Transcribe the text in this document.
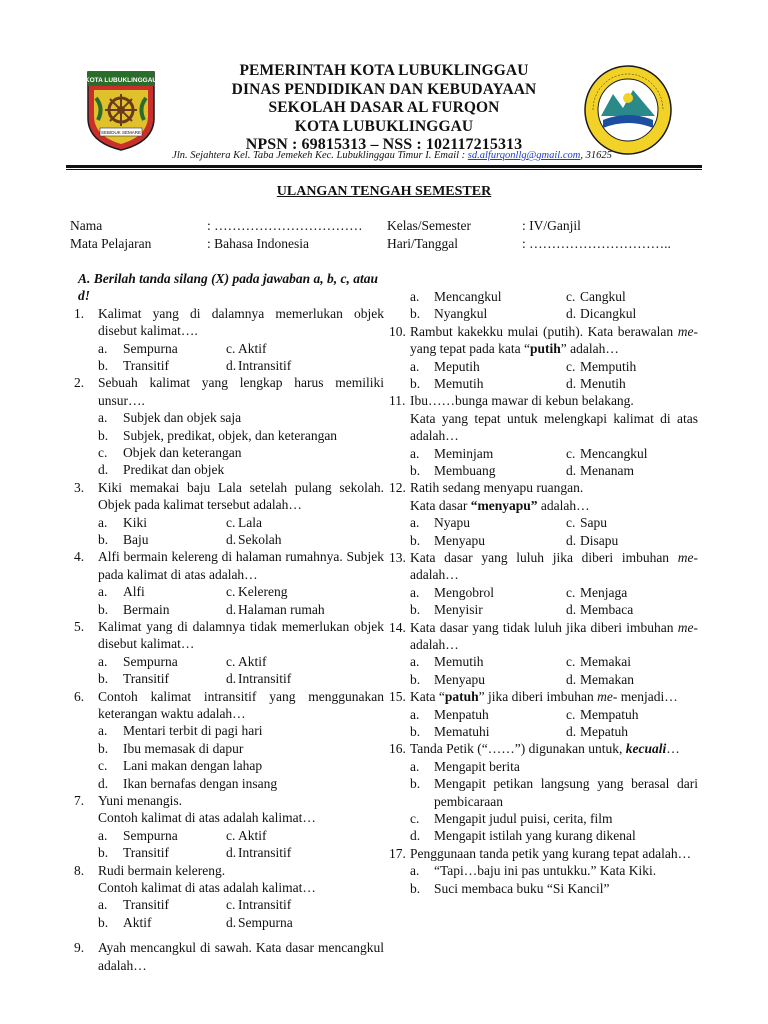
KOTA LUBUKLINGGAU
SEBIDUK SEMARE
PEMERINTAH KOTA LUBUKLINGGAU
DINAS PENDIDIKAN DAN KEBUDAYAAN
SEKOLAH DASAR AL FURQON
KOTA LUBUKLINGGAU
NPSN : 69815313 – NSS : 102117215313
Jln. Sejahtera Kel. Taba Jemekeh Kec. Lubuklinggau Timur I. Email : sd.alfurqonllg@gmail.com, 31625
ULANGAN TENGAH SEMESTER
Nama	: …………………………… Kelas/Semester	: IV/Ganjil
Mata Pelajaran	: Bahasa Indonesia	Hari/Tanggal	: …………………………..
A. Berilah tanda silang (X) pada jawaban a, b, c, atau d!
1. Kalimat yang di dalamnya memerlukan objek disebut kalimat….
a. Sempurna	c. Aktif
b. Transitif	d. Intransitif
2. Sebuah kalimat yang lengkap harus memiliki unsur….
a. Subjek dan objek saja
b. Subjek, predikat, objek, dan keterangan
c. Objek dan keterangan
d. Predikat dan objek
3. Kiki memakai baju Lala setelah pulang sekolah. Objek pada kalimat tersebut adalah…
a. Kiki	c. Lala
b. Baju	d. Sekolah
4. Alfi bermain kelereng di halaman rumahnya. Subjek pada kalimat di atas adalah…
a. Alfi	c. Kelereng
b. Bermain	d. Halaman rumah
5. Kalimat yang di dalamnya tidak memerlukan objek disebut kalimat…
a. Sempurna	c. Aktif
b. Transitif	d. Intransitif
6. Contoh kalimat intransitif yang menggunakan keterangan waktu adalah…
a. Mentari terbit di pagi hari
b. Ibu memasak di dapur
c. Lani makan dengan lahap
d. Ikan bernafas dengan insang
7. Yuni menangis.
Contoh kalimat di atas adalah kalimat…
a. Sempurna	c. Aktif
b. Transitif	d. Intransitif
8. Rudi bermain kelereng.
Contoh kalimat di atas adalah kalimat…
a. Transitif	c. Intransitif
b. Aktif	d. Sempurna
9. Ayah mencangkul di sawah. Kata dasar mencangkul adalah…
a. Mencangkul	c. Cangkul
b. Nyangkul	d. Dicangkul
10. Rambut kakekku mulai (putih). Kata berawalan me- yang tepat pada kata “putih” adalah…
a. Meputih	c. Memputih
b. Memutih	d. Menutih
11. Ibu……bunga mawar di kebun belakang.
Kata yang tepat untuk melengkapi kalimat di atas adalah…
a. Meminjam	c. Mencangkul
b. Membuang	d. Menanam
12. Ratih sedang menyapu ruangan.
Kata dasar “menyapu” adalah…
a. Nyapu	c. Sapu
b. Menyapu	d. Disapu
13. Kata dasar yang luluh jika diberi imbuhan me-adalah…
a. Mengobrol	c. Menjaga
b. Menyisir	d. Membaca
14. Kata dasar yang tidak luluh jika diberi imbuhan me- adalah…
a. Memutih	c. Memakai
b. Menyapu	d. Memakan
15. Kata “patuh” jika diberi imbuhan me- menjadi…
a. Menpatuh	c. Mempatuh
b. Mematuhi	d. Mepatuh
16. Tanda Petik (“……”) digunakan untuk, kecuali…
a. Mengapit berita
b. Mengapit petikan langsung yang berasal dari pembicaraan
c. Mengapit judul puisi, cerita, film
d. Mengapit istilah yang kurang dikenal
17. Penggunaan tanda petik yang kurang tepat adalah…
a. “Tapi…baju ini pas untukku.” Kata Kiki.
b. Suci membaca buku “Si Kancil”
